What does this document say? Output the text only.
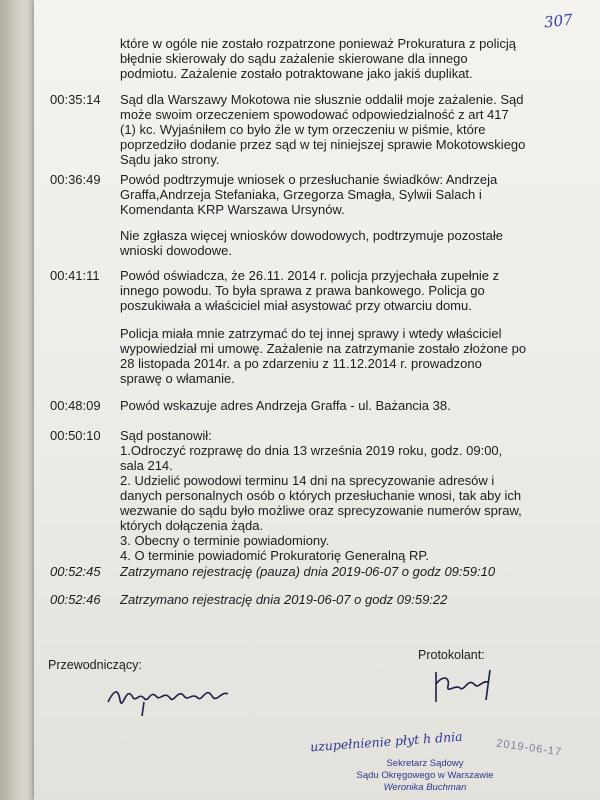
307
które w ogóle nie zostało rozpatrzone ponieważ Prokuratura z policją
błędnie skierowały do sądu zażalenie skierowane dla innego
podmiotu. Zażalenie zostało potraktowane jako jakiś duplikat.
00:35:14 Sąd dla Warszawy Mokotowa nie słusznie oddalił moje zażalenie. Sąd
może swoim orzeczeniem spowodować odpowiedzialność z art 417
(1) kc. Wyjaśniłem co było źle w tym orzeczeniu w piśmie, które
poprzedziło dodanie przez sąd w tej niniejszej sprawie Mokotowskiego
Sądu jako strony.
00:36:49 Powód podtrzymuje wniosek o przesłuchanie świadków: Andrzeja
Graffa,Andrzeja Stefaniaka, Grzegorza Smagła, Sylwii Salach i
Komendanta KRP Warszawa Ursynów.
Nie zgłasza więcej wniosków dowodowych, podtrzymuje pozostałe
wnioski dowodowe.
00:41:11 Powód oświadcza, że 26.11. 2014 r. policja przyjechała zupełnie z
innego powodu. To była sprawa z prawa bankowego. Policja go
poszukiwała a właściciel miał asystować przy otwarciu domu.
Policja miała mnie zatrzymać do tej innej sprawy i wtedy właściciel
wypowiedział mi umowę. Zażalenie na zatrzymanie zostało złożone po
28 listopada 2014r. a po zdarzeniu z 11.12.2014 r. prowadzono
sprawę o włamanie.
00:48:09 Powód wskazuje adres Andrzeja Graffa - ul. Bażancia 38.
00:50:10 Sąd postanowił:
1.Odroczyć rozprawę do dnia 13 września 2019 roku, godz. 09:00,
sala 214.
2. Udzielić powodowi terminu 14 dni na sprecyzowanie adresów i
danych personalnych osób o których przesłuchanie wnosi, tak aby ich
wezwanie do sądu było możliwe oraz sprecyzowanie numerów spraw,
których dołączenia żąda.
3. Obecny o terminie powiadomiony.
4. O terminie powiadomić Prokuratorię Generalną RP.
00:52:45 Zatrzymano rejestrację (pauza) dnia 2019-06-07 o godz 09:59:10
00:52:46 Zatrzymano rejestrację dnia 2019-06-07 o godz 09:59:22
Przewodniczący:
Protokolant:
uzupełnienie płyt h dnia	2019-06-17
Sekretarz Sądowy
Sądu Okręgowego w Warszawie
Weronika Buchman
